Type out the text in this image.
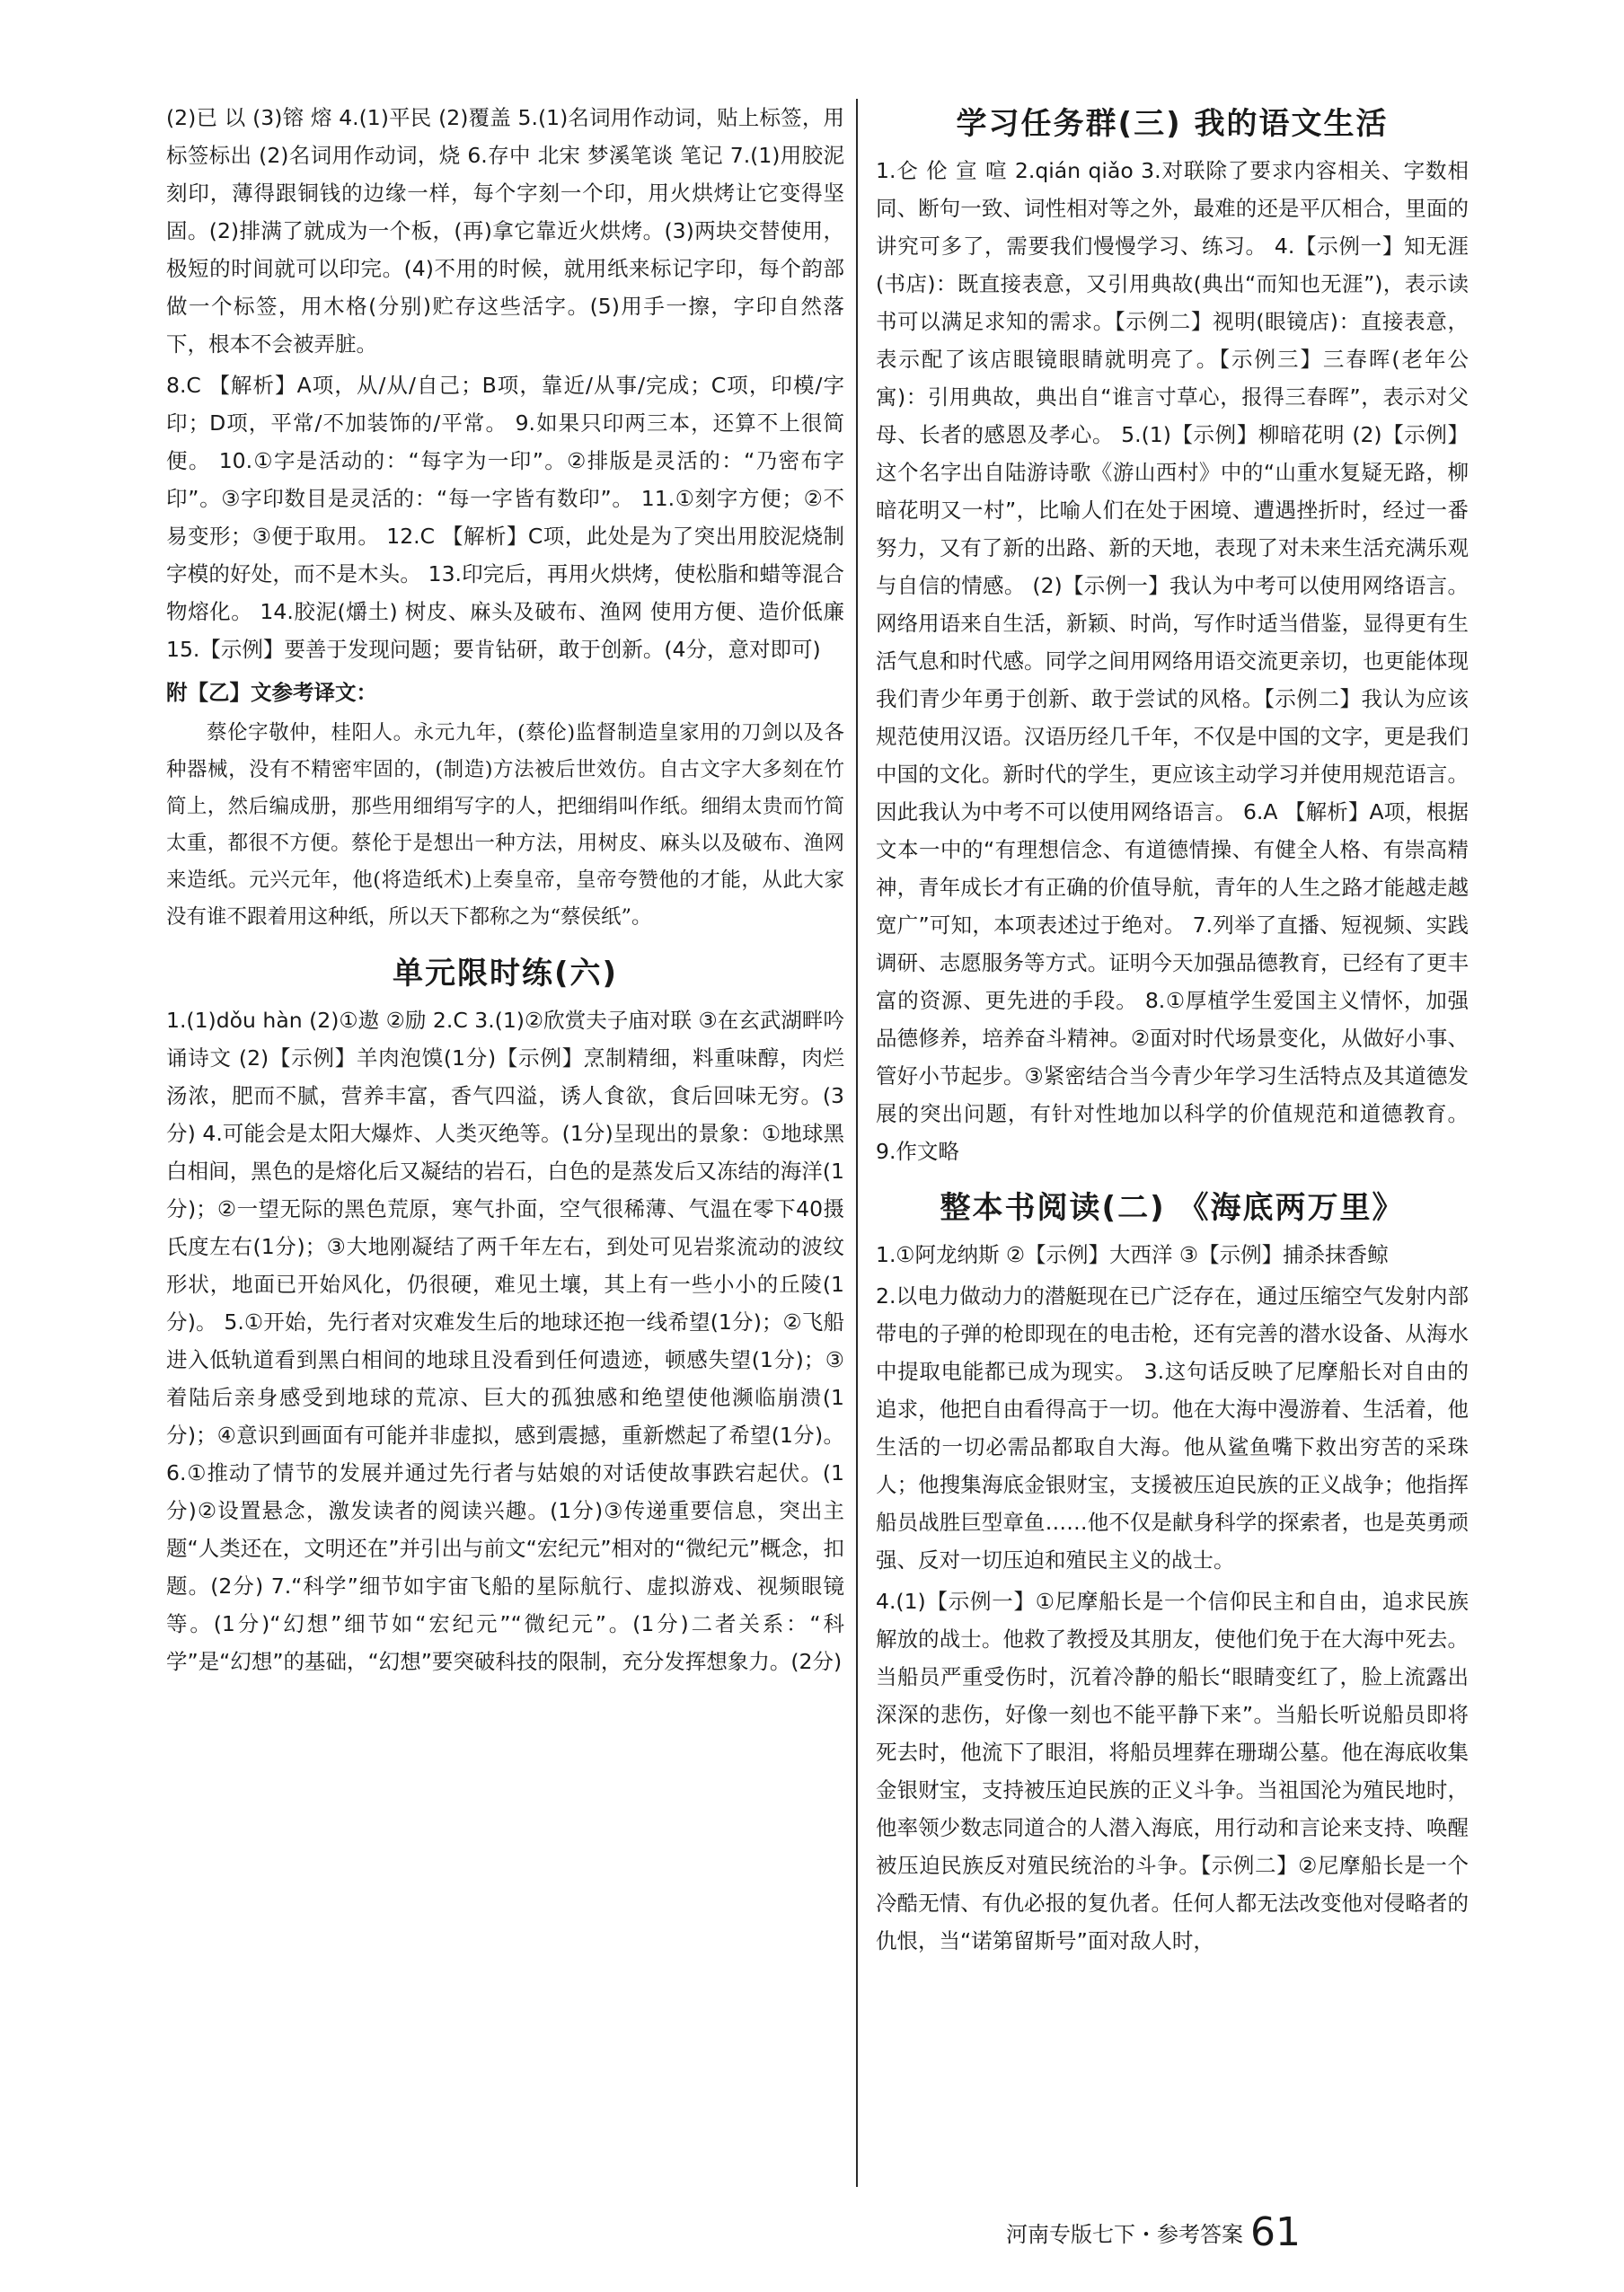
(2)已 以 (3)镕 熔 4.(1)平民 (2)覆盖 5.(1)名词用作动词，贴上标签，用标签标出 (2)名词用作动词，烧 6.存中 北宋 梦溪笔谈 笔记 7.(1)用胶泥刻印，薄得跟铜钱的边缘一样，每个字刻一个印，用火烘烤让它变得坚固。(2)排满了就成为一个板，(再)拿它靠近火烘烤。(3)两块交替使用，极短的时间就可以印完。(4)不用的时候，就用纸来标记字印，每个韵部做一个标签，用木格(分别)贮存这些活字。(5)用手一擦，字印自然落下，根本不会被弄脏。

8.C 【解析】A项，从/从/自己；B项，靠近/从事/完成；C项，印模/字印；D项，平常/不加装饰的/平常。 9.如果只印两三本，还算不上很简便。 10.①字是活动的：“每字为一印”。②排版是灵活的：“乃密布字印”。③字印数目是灵活的：“每一字皆有数印”。 11.①刻字方便；②不易变形；③便于取用。 12.C 【解析】C项，此处是为了突出用胶泥烧制字模的好处，而不是木头。 13.印完后，再用火烘烤，使松脂和蜡等混合物熔化。 14.胶泥(爝土) 树皮、麻头及破布、渔网 使用方便、造价低廉 15.【示例】要善于发现问题；要肯钻研，敢于创新。(4分，意对即可)

附【乙】文参考译文：

蔡伦字敬仲，桂阳人。永元九年，(蔡伦)监督制造皇家用的刀剑以及各种器械，没有不精密牢固的，(制造)方法被后世效仿。自古文字大多刻在竹简上，然后编成册，那些用细绢写字的人，把细绢叫作纸。细绢太贵而竹简太重，都很不方便。蔡伦于是想出一种方法，用树皮、麻头以及破布、渔网来造纸。元兴元年，他(将造纸术)上奏皇帝，皇帝夸赞他的才能，从此大家没有谁不跟着用这种纸，所以天下都称之为“蔡侯纸”。

单元限时练(六)

1.(1)dǒu hàn (2)①遨 ②励 2.C 3.(1)②欣赏夫子庙对联 ③在玄武湖畔吟诵诗文 (2)【示例】羊肉泡馍(1分)【示例】烹制精细，料重味醇，肉烂汤浓，肥而不腻，营养丰富，香气四溢，诱人食欲，食后回味无穷。(3分) 4.可能会是太阳大爆炸、人类灭绝等。(1分)呈现出的景象：①地球黑白相间，黑色的是熔化后又凝结的岩石，白色的是蒸发后又冻结的海洋(1分)；②一望无际的黑色荒原，寒气扑面，空气很稀薄、气温在零下40摄氏度左右(1分)；③大地刚凝结了两千年左右，到处可见岩浆流动的波纹形状，地面已开始风化，仍很硬，难见土壤，其上有一些小小的丘陵(1分)。 5.①开始，先行者对灾难发生后的地球还抱一线希望(1分)；②飞船进入低轨道看到黑白相间的地球且没看到任何遗迹，顿感失望(1分)；③着陆后亲身感受到地球的荒凉、巨大的孤独感和绝望使他濒临崩溃(1分)；④意识到画面有可能并非虚拟，感到震撼，重新燃起了希望(1分)。 6.①推动了情节的发展并通过先行者与姑娘的对话使故事跌宕起伏。(1分)②设置悬念，激发读者的阅读兴趣。(1分)③传递重要信息，突出主题“人类还在，文明还在”并引出与前文“宏纪元”相对的“微纪元”概念，扣题。(2分) 7.“科学”细节如宇宙飞船的星际航行、虚拟游戏、视频眼镜等。(1分)“幻想”细节如“宏纪元”“微纪元”。(1分)二者关系：“科学”是“幻想”的基础，“幻想”要突破科技的限制，充分发挥想象力。(2分)

学习任务群(三) 我的语文生活

1.仑 伦 宣 喧 2.qián qiǎo 3.对联除了要求内容相关、字数相同、断句一致、词性相对等之外，最难的还是平仄相合，里面的讲究可多了，需要我们慢慢学习、练习。 4.【示例一】知无涯(书店)：既直接表意，又引用典故(典出“而知也无涯”)，表示读书可以满足求知的需求。【示例二】视明(眼镜店)：直接表意，表示配了该店眼镜眼睛就明亮了。【示例三】三春晖(老年公寓)：引用典故，典出自“谁言寸草心，报得三春晖”，表示对父母、长者的感恩及孝心。 5.(1)【示例】柳暗花明 (2)【示例】这个名字出自陆游诗歌《游山西村》中的“山重水复疑无路，柳暗花明又一村”，比喻人们在处于困境、遭遇挫折时，经过一番努力，又有了新的出路、新的天地，表现了对未来生活充满乐观与自信的情感。 (2)【示例一】我认为中考可以使用网络语言。网络用语来自生活，新颖、时尚，写作时适当借鉴，显得更有生活气息和时代感。同学之间用网络用语交流更亲切，也更能体现我们青少年勇于创新、敢于尝试的风格。【示例二】我认为应该规范使用汉语。汉语历经几千年，不仅是中国的文字，更是我们中国的文化。新时代的学生，更应该主动学习并使用规范语言。因此我认为中考不可以使用网络语言。 6.A 【解析】A项，根据文本一中的“有理想信念、有道德情操、有健全人格、有崇高精神，青年成长才有正确的价值导航，青年的人生之路才能越走越宽广”可知，本项表述过于绝对。 7.列举了直播、短视频、实践调研、志愿服务等方式。证明今天加强品德教育，已经有了更丰富的资源、更先进的手段。 8.①厚植学生爱国主义情怀，加强品德修养，培养奋斗精神。②面对时代场景变化，从做好小事、管好小节起步。③紧密结合当今青少年学习生活特点及其道德发展的突出问题，有针对性地加以科学的价值规范和道德教育。 9.作文略

整本书阅读(二) 《海底两万里》

1.①阿龙纳斯 ②【示例】大西洋 ③【示例】捕杀抹香鲸

2.以电力做动力的潜艇现在已广泛存在，通过压缩空气发射内部带电的子弹的枪即现在的电击枪，还有完善的潜水设备、从海水中提取电能都已成为现实。 3.这句话反映了尼摩船长对自由的追求，他把自由看得高于一切。他在大海中漫游着、生活着，他生活的一切必需品都取自大海。他从鲨鱼嘴下救出穷苦的采珠人；他搜集海底金银财宝，支援被压迫民族的正义战争；他指挥船员战胜巨型章鱼……他不仅是献身科学的探索者，也是英勇顽强、反对一切压迫和殖民主义的战士。

4.(1)【示例一】①尼摩船长是一个信仰民主和自由，追求民族解放的战士。他救了教授及其朋友，使他们免于在大海中死去。当船员严重受伤时，沉着冷静的船长“眼睛变红了，脸上流露出深深的悲伤，好像一刻也不能平静下来”。当船长听说船员即将死去时，他流下了眼泪，将船员埋葬在珊瑚公墓。他在海底收集金银财宝，支持被压迫民族的正义斗争。当祖国沦为殖民地时，他率领少数志同道合的人潜入海底，用行动和言论来支持、唤醒被压迫民族反对殖民统治的斗争。【示例二】②尼摩船长是一个冷酷无情、有仇必报的复仇者。任何人都无法改变他对侵略者的仇恨，当“诺第留斯号”面对敌人时，

河南专版七下・参考答案 61
